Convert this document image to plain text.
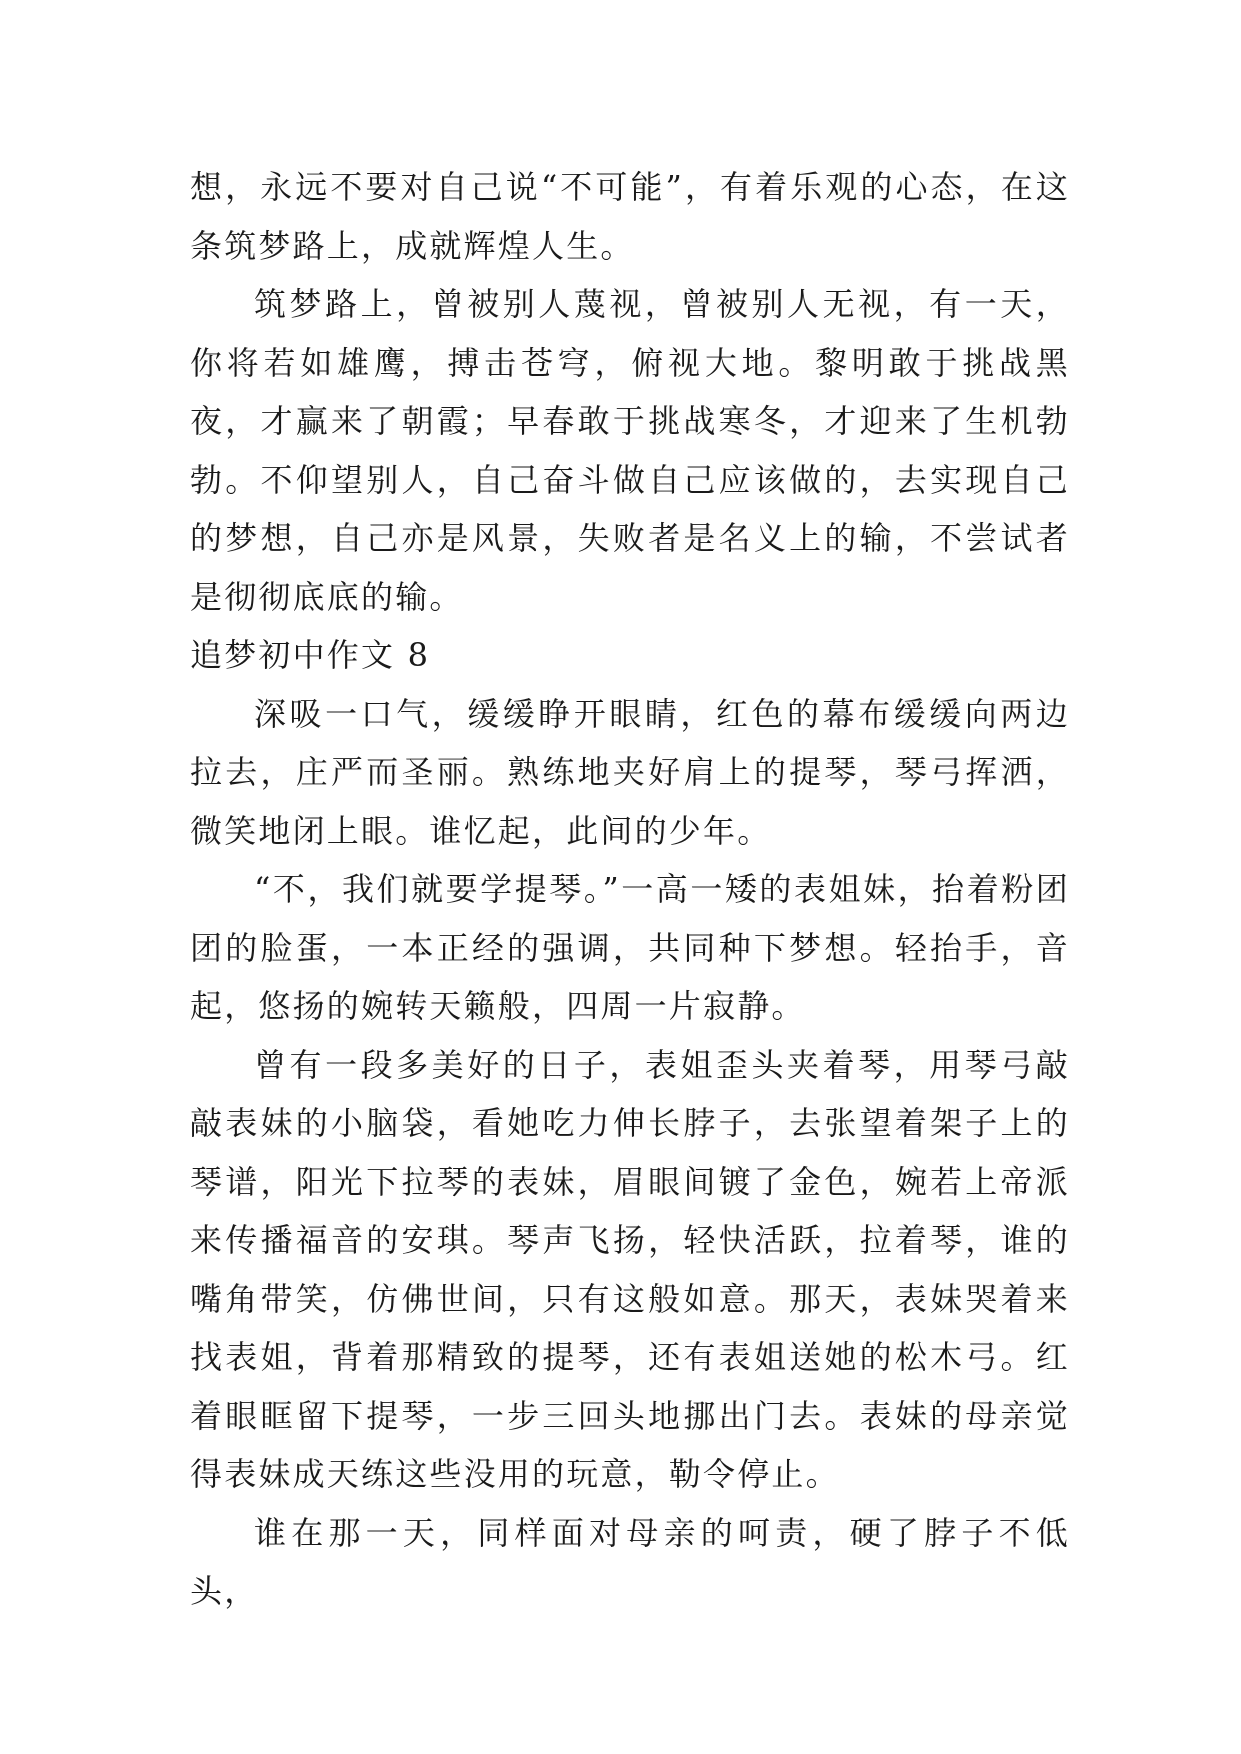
想，永远不要对自己说“不可能”，有着乐观的心态，在这条筑梦路上，成就辉煌人生。

筑梦路上，曾被别人蔑视，曾被别人无视，有一天，你将若如雄鹰，搏击苍穹，俯视大地。黎明敢于挑战黑夜，才赢来了朝霞；早春敢于挑战寒冬，才迎来了生机勃勃。不仰望别人，自己奋斗做自己应该做的，去实现自己的梦想，自己亦是风景，失败者是名义上的输，不尝试者是彻彻底底的输。

追梦初中作文 8

深吸一口气，缓缓睁开眼睛，红色的幕布缓缓向两边拉去，庄严而圣丽。熟练地夹好肩上的提琴，琴弓挥洒，微笑地闭上眼。谁忆起，此间的少年。

“不，我们就要学提琴。”一高一矮的表姐妹，抬着粉团团的脸蛋，一本正经的强调，共同种下梦想。轻抬手，音起，悠扬的婉转天籁般，四周一片寂静。

曾有一段多美好的日子，表姐歪头夹着琴，用琴弓敲敲表妹的小脑袋，看她吃力伸长脖子，去张望着架子上的琴谱，阳光下拉琴的表妹，眉眼间镀了金色，婉若上帝派来传播福音的安琪。琴声飞扬，轻快活跃，拉着琴，谁的嘴角带笑，仿佛世间，只有这般如意。那天，表妹哭着来找表姐，背着那精致的提琴，还有表姐送她的松木弓。红着眼眶留下提琴，一步三回头地挪出门去。表妹的母亲觉得表妹成天练这些没用的玩意，勒令停止。

谁在那一天，同样面对母亲的呵责，硬了脖子不低头，
